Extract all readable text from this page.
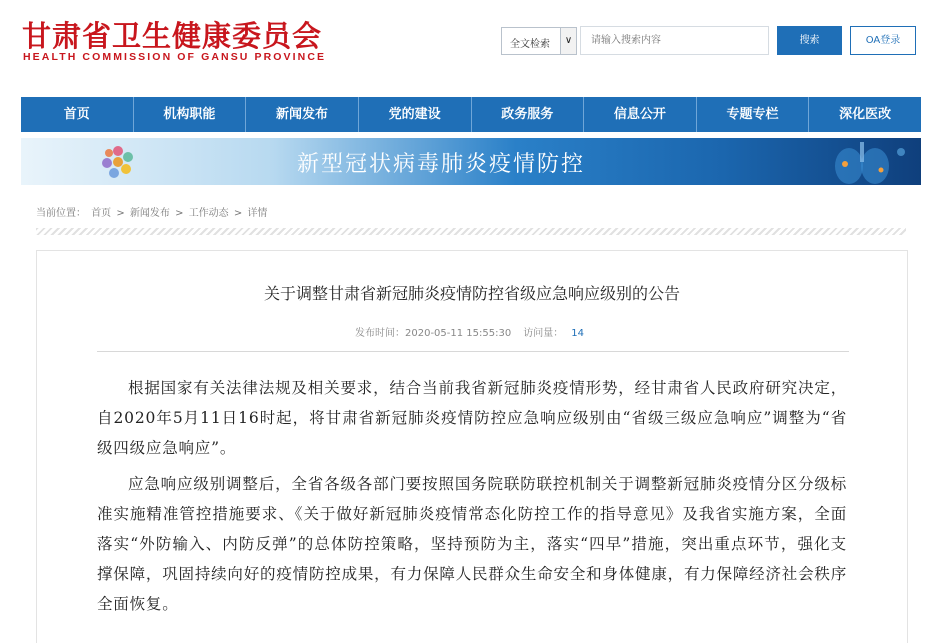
甘肃省卫生健康委员会
HEALTH COMMISSION OF GANSU PROVINCE
全文检索	∨
请输入搜索内容	搜索	OA登录
首页	机构职能	新闻发布	党的建设	政务服务	信息公开	专题专栏	深化医改
新型冠状病毒肺炎疫情防控
当前位置： 首页 > 新闻发布 > 工作动态 > 详情
关于调整甘肃省新冠肺炎疫情防控省级应急响应级别的公告
发布时间：2020-05-11 15:55:30 访问量： 14

根据国家有关法律法规及相关要求，结合当前我省新冠肺炎疫情形势，经甘肃省人民政府研究决定，自2020年5月11日16时起，将甘肃省新冠肺炎疫情防控应急响应级别由“省级三级应急响应”调整为“省级四级应急响应”。

应急响应级别调整后，全省各级各部门要按照国务院联防联控机制关于调整新冠肺炎疫情分区分级标准实施精准管控措施要求、《关于做好新冠肺炎疫情常态化防控工作的指导意见》及我省实施方案，全面落实“外防输入、内防反弹”的总体防控策略，坚持预防为主，落实“四早”措施，突出重点环节，强化支撑保障，巩固持续向好的疫情防控成果，有力保障人民群众生命安全和身体健康，有力保障经济社会秩序全面恢复。
